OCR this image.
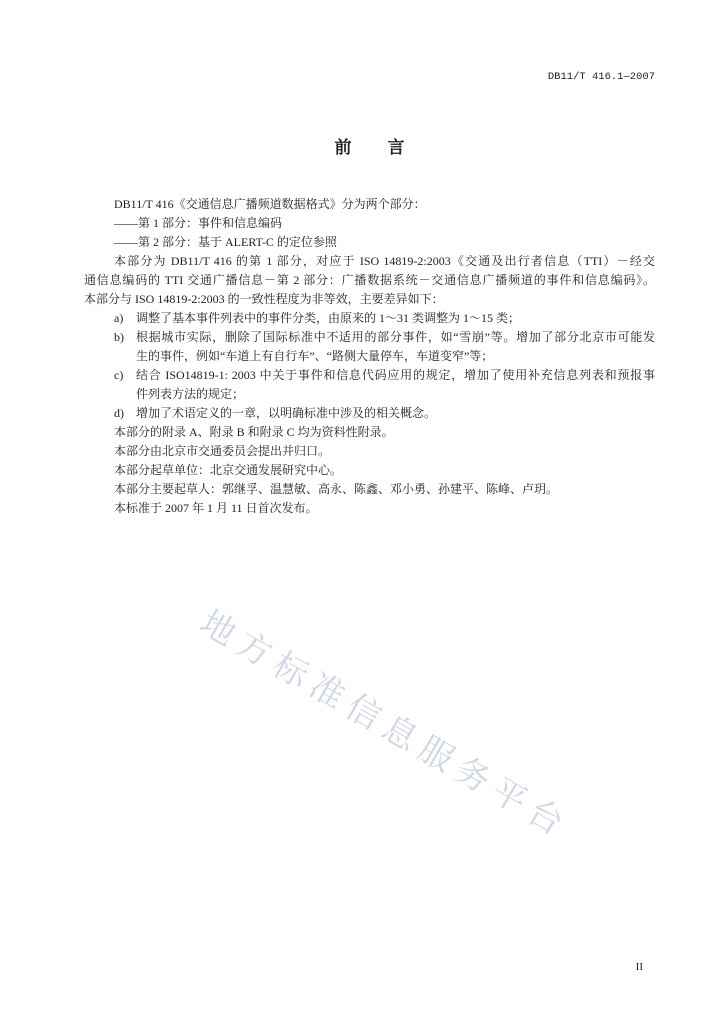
DB11/T 416.1—2007
前 言

DB11/T 416《交通信息广播频道数据格式》分为两个部分：

——第 1 部分：事件和信息编码

——第 2 部分：基于 ALERT-C 的定位参照

本部分为 DB11/T 416 的第 1 部分，对应于 ISO 14819-2:2003《交通及出行者信息（TTI）－经交

通信息编码的 TTI 交通广播信息－第 2 部分：广播数据系统－交通信息广播频道的事件和信息编码》。

本部分与 ISO 14819-2:2003 的一致性程度为非等效，主要差异如下：

a)	调整了基本事件列表中的事件分类，由原来的 1～31 类调整为 1～15 类；
b)	根据城市实际，删除了国际标准中不适用的部分事件，如“雪崩”等。增加了部分北京市可能发

生的事件，例如“车道上有自行车”、“路侧大量停车，车道变窄”等；

c)	结合 ISO14819-1: 2003 中关于事件和信息代码应用的规定，增加了使用补充信息列表和预报事

件列表方法的规定；

d)	增加了术语定义的一章，以明确标准中涉及的相关概念。

本部分的附录 A、附录 B 和附录 C 均为资料性附录。

本部分由北京市交通委员会提出并归口。

本部分起草单位：北京交通发展研究中心。

本部分主要起草人：郭继孚、温慧敏、高永、陈鑫、邓小勇、孙建平、陈峰、卢玥。

本标准于 2007 年 1 月 11 日首次发布。

地方标准信息服务平台
II
